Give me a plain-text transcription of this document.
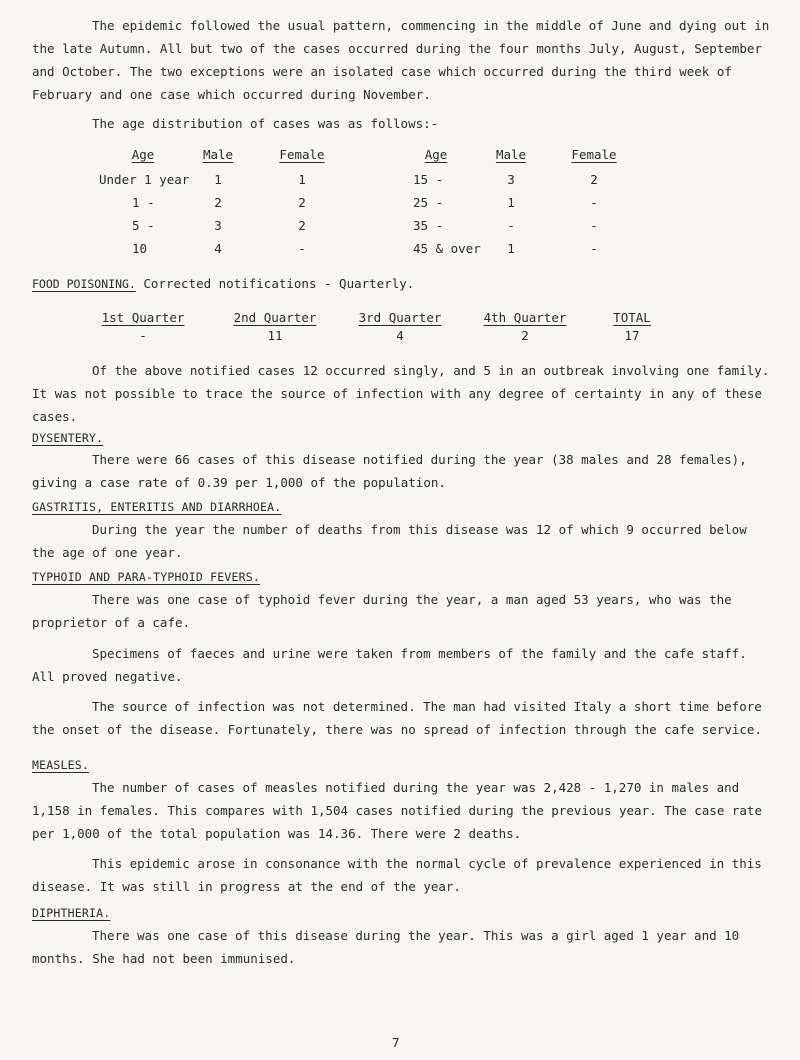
The epidemic followed the usual pattern, commencing in the middle of June and dying out in the late Autumn. All but two of the cases occurred during the four months July, August, September and October. The two exceptions were an isolated case which occurred during the third week of February and one case which occurred during November.
The age distribution of cases was as follows:-
Age	Male	Female	Age	Male	Female
Under 1 year 1	1	15 -	3	2
1 -	2	2	25 -	1	-
5 -	3	2	35 -	-	-
10	4	-	45 & over 1	-
FOOD POISONING. Corrected notifications - Quarterly.
1st Quarter	2nd Quarter	3rd Quarter	4th Quarter	TOTAL
-	11	4	2	17
Of the above notified cases 12 occurred singly, and 5 in an outbreak involving one family. It was not possible to trace the source of infection with any degree of certainty in any of these cases.
DYSENTERY.
There were 66 cases of this disease notified during the year (38 males and 28 females), giving a case rate of 0.39 per 1,000 of the population.
GASTRITIS, ENTERITIS AND DIARRHOEA.
During the year the number of deaths from this disease was 12 of which 9 occurred below the age of one year.
TYPHOID AND PARA-TYPHOID FEVERS.
There was one case of typhoid fever during the year, a man aged 53 years, who was the proprietor of a cafe.
Specimens of faeces and urine were taken from members of the family and the cafe staff. All proved negative.
The source of infection was not determined. The man had visited Italy a short time before the onset of the disease. Fortunately, there was no spread of infection through the cafe service.
MEASLES.
The number of cases of measles notified during the year was 2,428 - 1,270 in males and 1,158 in females. This compares with 1,504 cases notified during the previous year. The case rate per 1,000 of the total population was 14.36. There were 2 deaths.
This epidemic arose in consonance with the normal cycle of prevalence experienced in this disease. It was still in progress at the end of the year.
DIPHTHERIA.
There was one case of this disease during the year. This was a girl aged 1 year and 10 months. She had not been immunised.
7
